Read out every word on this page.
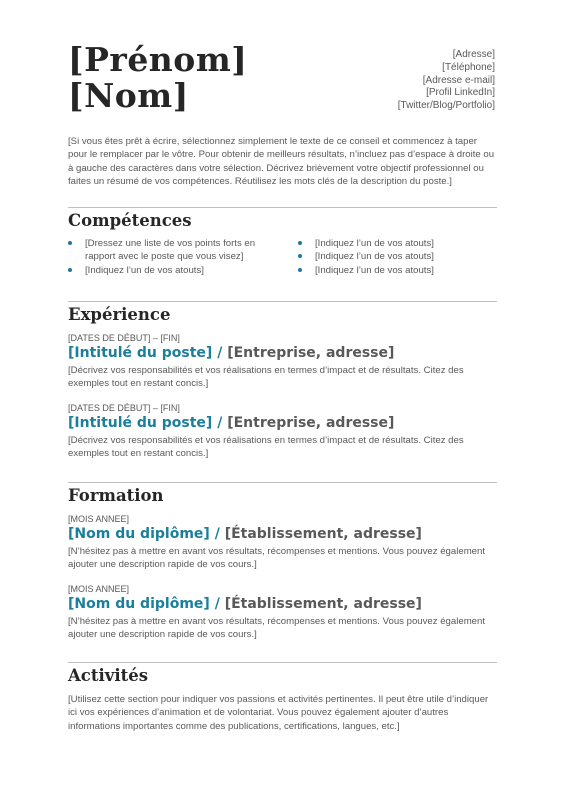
[Prénom]
[Nom]
[Adresse]
[Téléphone]
[Adresse e-mail]
[Profil LinkedIn]
[Twitter/Blog/Portfolio]
[Si vous êtes prêt à écrire, sélectionnez simplement le texte de ce conseil et commencez à taper pour le remplacer par le vôtre. Pour obtenir de meilleurs résultats, n’incluez pas d’espace à droite ou à gauche des caractères dans votre sélection. Décrivez brièvement votre objectif professionnel ou faites un résumé de vos compétences. Réutilisez les mots clés de la description du poste.]
Compétences
[Dressez une liste de vos points forts en rapport avec le poste que vous visez]
[Indiquez l’un de vos atouts]
[Indiquez l’un de vos atouts]
[Indiquez l’un de vos atouts]
[Indiquez l’un de vos atouts]
Expérience
[DATES DE DÉBUT] – [FIN]
[Intitulé du poste] / [Entreprise, adresse]
[Décrivez vos responsabilités et vos réalisations en termes d’impact et de résultats. Citez des exemples tout en restant concis.]
[DATES DE DÉBUT] – [FIN]
[Intitulé du poste] / [Entreprise, adresse]
[Décrivez vos responsabilités et vos réalisations en termes d’impact et de résultats. Citez des exemples tout en restant concis.]
Formation
[MOIS ANNEE]
[Nom du diplôme] / [Établissement, adresse]
[N’hésitez pas à mettre en avant vos résultats, récompenses et mentions. Vous pouvez également ajouter une description rapide de vos cours.]
[MOIS ANNEE]
[Nom du diplôme] / [Établissement, adresse]
[N’hésitez pas à mettre en avant vos résultats, récompenses et mentions. Vous pouvez également ajouter une description rapide de vos cours.]
Activités
[Utilisez cette section pour indiquer vos passions et activités pertinentes. Il peut être utile d’indiquer ici vos expériences d’animation et de volontariat. Vous pouvez également ajouter d’autres informations importantes comme des publications, certifications, langues, etc.]
